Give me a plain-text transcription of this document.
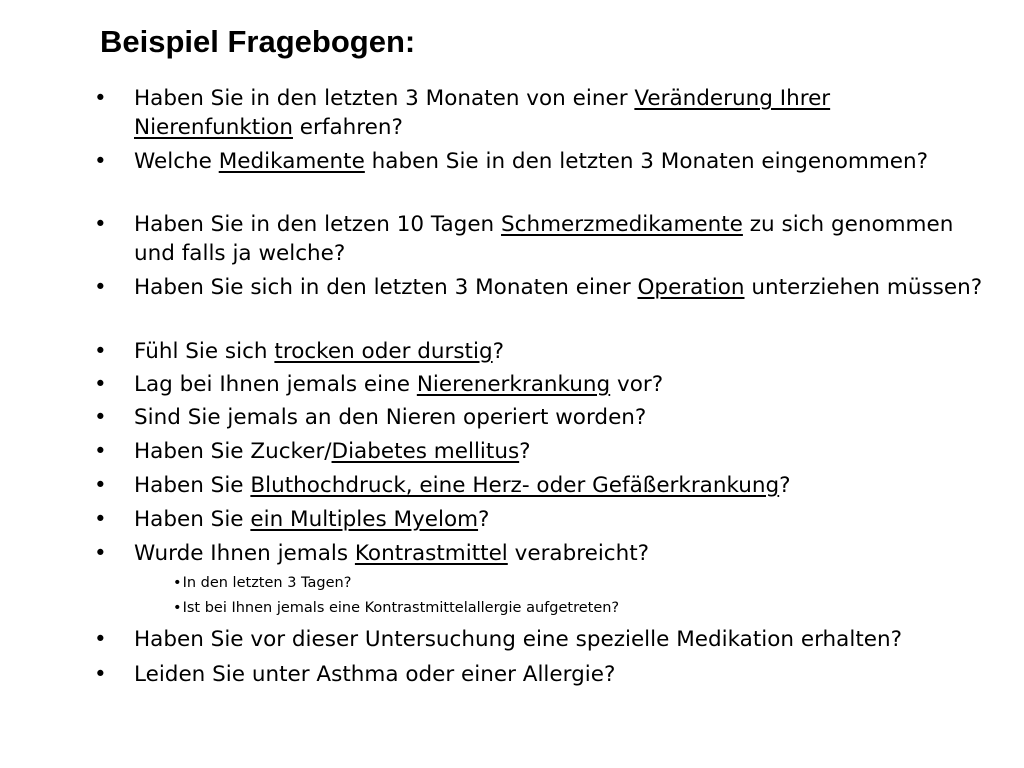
Beispiel Fragebogen:
• Haben Sie in den letzten 3 Monaten von einer Veränderung Ihrer Nierenfunktion erfahren?
• Welche Medikamente haben Sie in den letzten 3 Monaten eingenommen?
• Haben Sie in den letzen 10 Tagen Schmerzmedikamente zu sich genommen und falls ja welche?
• Haben Sie sich in den letzten 3 Monaten einer Operation unterziehen müssen?
• Fühl Sie sich trocken oder durstig?
• Lag bei Ihnen jemals eine Nierenerkrankung vor?
• Sind Sie jemals an den Nieren operiert worden?
• Haben Sie Zucker/Diabetes mellitus?
• Haben Sie Bluthochdruck, eine Herz- oder Gefäßerkrankung?
• Haben Sie ein Multiples Myelom?
• Wurde Ihnen jemals Kontrastmittel verabreicht?
•In den letzten 3 Tagen?
•Ist bei Ihnen jemals eine Kontrastmittelallergie aufgetreten?
• Haben Sie vor dieser Untersuchung eine spezielle Medikation erhalten?
• Leiden Sie unter Asthma oder einer Allergie?
